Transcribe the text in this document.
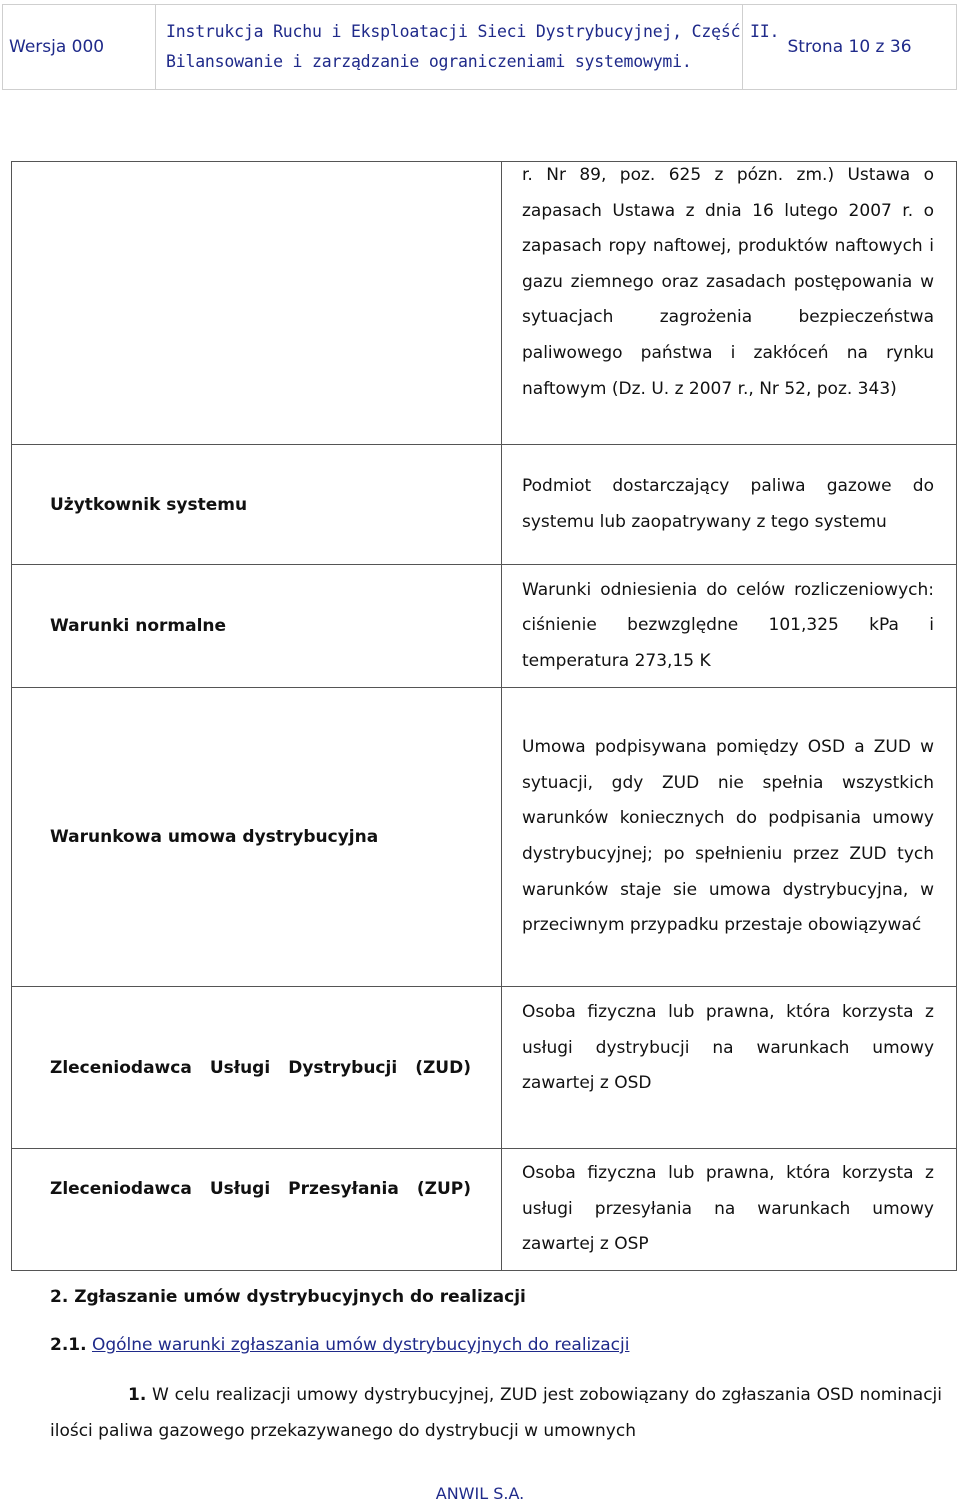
Wersja 000
Instrukcja Ruchu i Eksploatacji Sieci Dystrybucyjnej, Część II.
Bilansowanie i zarządzanie ograniczeniami systemowymi.
Strona 10 z 36

	r. Nr 89, poz. 625 z pózn. zm.) Ustawa o zapasach Ustawa z dnia 16 lutego 2007 r. o zapasach ropy naftowej, produktów naftowych i gazu ziemnego oraz zasadach postępowania w sytuacjach zagrożenia bezpieczeństwa paliwowego państwa i zakłóceń na rynku naftowym (Dz. U. z 2007 r., Nr 52, poz. 343)

Użytkownik systemu	Podmiot dostarczający paliwa gazowe do systemu lub zaopatrywany z tego systemu

Warunki normalne	Warunki odniesienia do celów rozliczeniowych: ciśnienie bezwzględne 101,325 kPa i temperatura 273,15 K

Warunkowa umowa dystrybucyjna	Umowa podpisywana pomiędzy OSD a ZUD w sytuacji, gdy ZUD nie spełnia wszystkich warunków koniecznych do podpisania umowy dystrybucyjnej; po spełnieniu przez ZUD tych warunków staje sie umowa dystrybucyjna, w przeciwnym przypadku przestaje obowiązywać

Zleceniodawca Usługi Dystrybucji (ZUD)	Osoba fizyczna lub prawna, która korzysta z usługi dystrybucji na warunkach umowy zawartej z OSD

Zleceniodawca Usługi Przesyłania (ZUP)	Osoba fizyczna lub prawna, która korzysta z usługi przesyłania na warunkach umowy zawartej z OSP
2. Zgłaszanie umów dystrybucyjnych do realizacji
2.1. Ogólne warunki zgłaszania umów dystrybucyjnych do realizacji
1. W celu realizacji umowy dystrybucyjnej, ZUD jest zobowiązany do zgłaszania OSD nominacji ilości paliwa gazowego przekazywanego do dystrybucji w umownych
ANWIL S.A.
